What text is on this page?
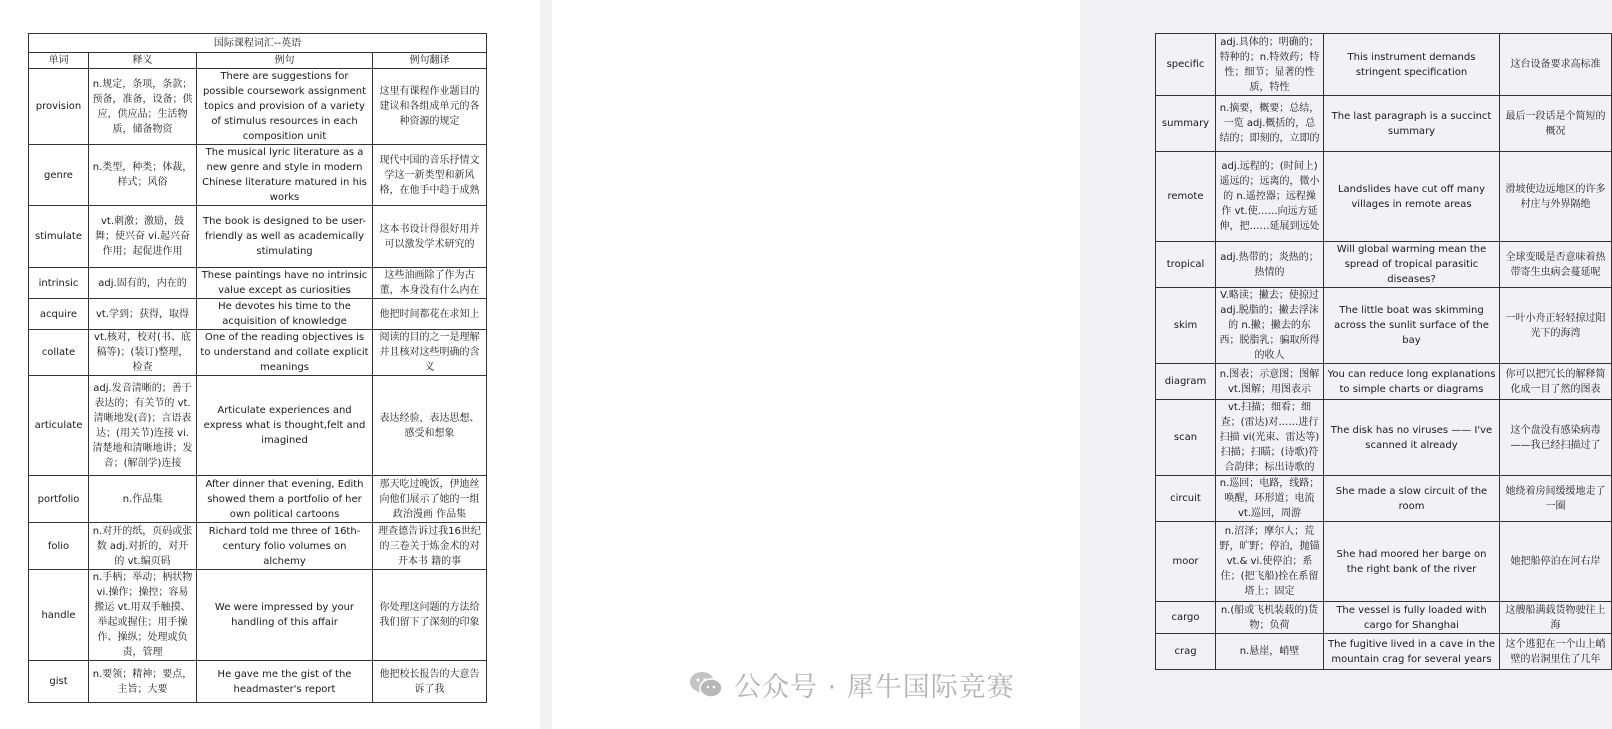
国际课程词汇--英语			
单词	释义	例句	例句翻译
provision	n.规定，条项，条款；预备，准备，设备；供应，供应品；生活物质，储备物资	There are suggestions for possible coursework assignment topics and provision of a variety of stimulus resources in each composition unit	这里有课程作业题目的建议和各组成单元的各种资源的规定
genre	n.类型，种类；体裁，样式；风俗	The musical lyric literature as a new genre and style in modern Chinese literature matured in his works	现代中国的音乐抒情文学这一新类型和新风格，在他手中趋于成熟
stimulate	vt.刺激；激励，鼓舞；使兴奋 vi.起兴奋作用；起促进作用	The book is designed to be user-friendly as well as academically stimulating	这本书设计得很好用并可以激发学术研究的
intrinsic	adj.固有的，内在的	These paintings have no intrinsic value except as curiosities	这些油画除了作为古董，本身没有什么内在
acquire	vt.学到；获得，取得	He devotes his time to the acquisition of knowledge	他把时间都花在求知上
collate	vt.核对，校对(书、底稿等)；(装订)整理，检查	One of the reading objectives is to understand and collate explicit meanings	阅读的目的之一是理解并且核对这些明确的含义
articulate	adj.发音清晰的；善于表达的；有关节的 vt.清晰地发(音)；言语表达；(用关节)连接 vi.清楚地和清晰地讲；发音；(解剖学)连接	Articulate experiences and express what is thought,felt and imagined	表达经验，表达思想、感受和想象
portfolio	n.作品集	After dinner that evening, Edith showed them a portfolio of her own political cartoons	那天吃过晚饭，伊迪丝向他们展示了她的一组政治漫画 作品集
folio	n.对开的纸，页码或张数 adj.对折的，对开的 vt.编页码	Richard told me three of 16th-century folio volumes on alchemy	理查德告诉过我16世纪的三卷关于炼金术的对开本书 籍的事
handle	n.手柄；举动；柄状物 vi.操作；操控；容易搬运 vt.用双手触摸、举起或握住；用手操作、操纵；处理或负责，管理	We were impressed by your handling of this affair	你处理这问题的方法给我们留下了深刻的印象
gist	n.要领；精神；要点，主旨；大要	He gave me the gist of the headmaster's report	他把校长报告的大意告诉了我
specific	adj.具体的；明确的；特种的；n.特效药；特性；细节；显著的性质，特性	This instrument demands stringent specification	这台设备要求高标准
summary	n.摘要，概要；总结，一览 adj.概括的，总结的；即刻的，立即的	The last paragraph is a succinct summary	最后一段话是个简短的概况
remote	adj.远程的；(时间上)遥远的；远离的，微小的 n.遥控器；远程操作 vt.使……向远方延伸，把……延展到远处	Landslides have cut off many villages in remote areas	滑坡使边远地区的许多村庄与外界隔绝
tropical	adj.热带的；炎热的；热情的	Will global warming mean the spread of tropical parasitic diseases?	全球变暖是否意味着热带寄生虫病会蔓延呢
skim	V.略读；撇去；使掠过 adj.脱脂的；撇去浮沫的 n.撇；撇去的东西；脱脂乳；骗取所得的收人	The little boat was skimming across the sunlit surface of the bay	一叶小舟正轻轻掠过阳光下的海湾
diagram	n.图表；示意图；图解 vt.图解；用图表示	You can reduce long explanations to simple charts or diagrams	你可以把冗长的解释简化成一目了然的图表
scan	vt.扫描；细看；细查；(雷达)对……进行扫描 vi(光束、雷达等)扫描；扫瞄；(诗歌)符合韵律；标出诗歌的	The disk has no viruses —— I've scanned it already	这个盘没有感染病毒——我已经扫描过了
circuit	n.巡回；电路，线路；唤醒，环形道；电流 vt.巡回，周游	She made a slow circuit of the room	她绕着房间缓缓地走了一圈
moor	n.沼泽；摩尔人；荒野，旷野；停泊，抛锚 vt.& vi.使停泊；系住；(把飞船)拴在系留塔上；固定	She had moored her barge on the right bank of the river	她把船停泊在河右岸
cargo	n.(船或飞机装载的)货物；负荷	The vessel is fully loaded with cargo for Shanghai	这艘船满载货物驶往上海
crag	n.悬崖，峭壁	The fugitive lived in a cave in the mountain crag for several years	这个逃犯在一个山上峭壁的岩洞里住了几年
公众号 · 犀牛国际竞赛
